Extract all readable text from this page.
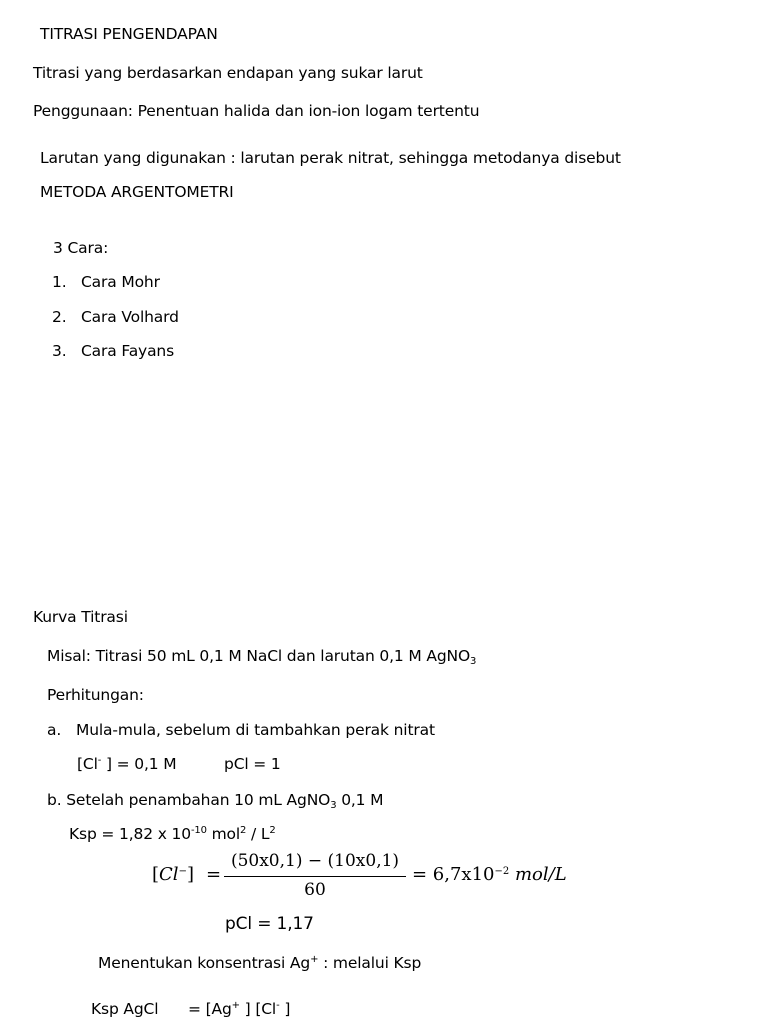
TITRASI PENGENDAPAN
Titrasi yang berdasarkan endapan yang sukar larut
Penggunaan: Penentuan halida dan ion-ion logam tertentu
Larutan yang digunakan : larutan perak nitrat, sehingga metodanya disebut
METODA ARGENTOMETRI
3 Cara:
1. Cara Mohr
2. Cara Volhard
3. Cara Fayans
Kurva Titrasi
Misal: Titrasi 50 mL 0,1 M NaCl dan larutan 0,1 M AgNO$_3$
Perhitungan:
a. Mula-mula, sebelum di tambahkan perak nitrat
[Cl- ] = 0,1 M	pCl = 1
b. Setelah penambahan 10 mL AgNO$_3$ 0,1 M
Ksp = 1,82 x $10^{-10}$ $mol^2 / L^2$
[Cl−] =
(50x0,1) − (10x0,1)
60
= $6,7x10^{-2}$ mol/L
pCl = 1,17
Menentukan konsentrasi Ag+ : melalui Ksp
Ksp AgCl = [Ag+ ] [Cl- ]
